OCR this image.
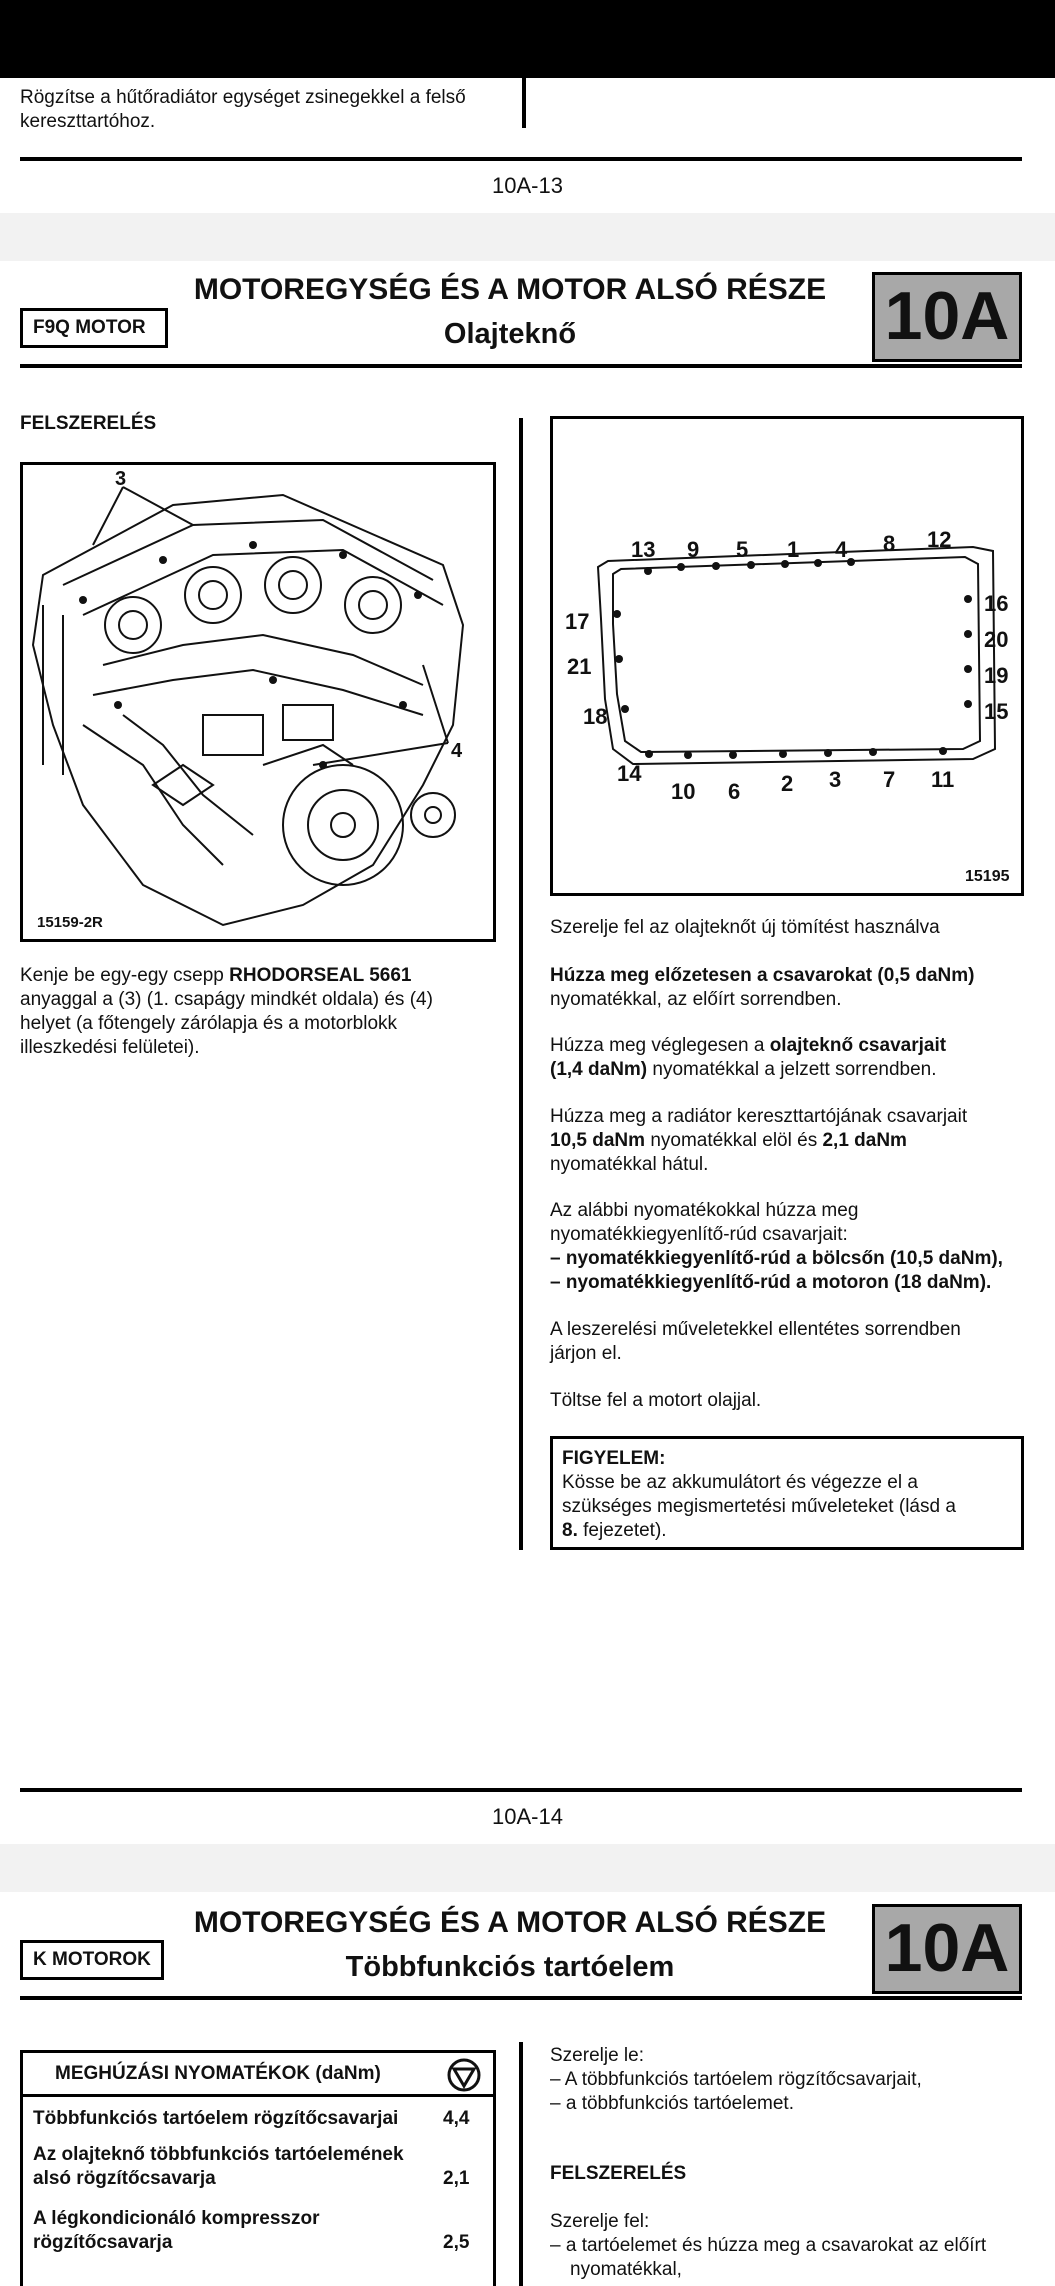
Rögzítse a hűtőradiátor egységet zsinegekkel a felső
kereszttartóhoz.
10A-13
F9Q MOTOR
MOTOREGYSÉG ÉS A MOTOR ALSÓ RÉSZE
Olajteknő	10A
FELSZERELÉS
3
4
15159-2R
13 9 5 1 4 8 12
16
20
19
15
17
21
18
14
10 6 2 3 7 11
15195
Kenje be egy-egy csepp RHODORSEAL 5661
anyaggal a (3) (1. csapágy mindkét oldala) és (4)
helyet (a főtengely zárólapja és a motorblokk
illeszkedési felületei).
Szerelje fel az olajteknőt új tömítést használva
Húzza meg előzetesen a csavarokat (0,5 daNm)
nyomatékkal, az előírt sorrendben.
Húzza meg véglegesen a olajteknő csavarjait
(1,4 daNm) nyomatékkal a jelzett sorrendben.
Húzza meg a radiátor kereszttartójának csavarjait
10,5 daNm nyomatékkal elöl és 2,1 daNm
nyomatékkal hátul.
Az alábbi nyomatékokkal húzza meg
nyomatékkiegyenlítő-rúd csavarjait:
– nyomatékkiegyenlítő-rúd a bölcsőn (10,5 daNm),
– nyomatékkiegyenlítő-rúd a motoron (18 daNm).
A leszerelési műveletekkel ellentétes sorrendben
járjon el.
Töltse fel a motort olajjal.
FIGYELEM:
Kösse be az akkumulátort és végezze el a
szükséges megismertetési műveleteket (lásd a
8. fejezetet).
10A-14
K MOTOROK
MOTOREGYSÉG ÉS A MOTOR ALSÓ RÉSZE
Többfunkciós tartóelem	10A
MEGHÚZÁSI NYOMATÉKOK (daNm)
Többfunkciós tartóelem rögzítőcsavarjai	4,4
Az olajteknő többfunkciós tartóelemének
alsó rögzítőcsavarja	2,1
A légkondicionáló kompresszor
rögzítőcsavarja	2,5
Szerelje le:
– A többfunkciós tartóelem rögzítőcsavarjait,
– a többfunkciós tartóelemet.
FELSZERELÉS
Szerelje fel:
– a tartóelemet és húzza meg a csavarokat az előírt
nyomatékkal,
